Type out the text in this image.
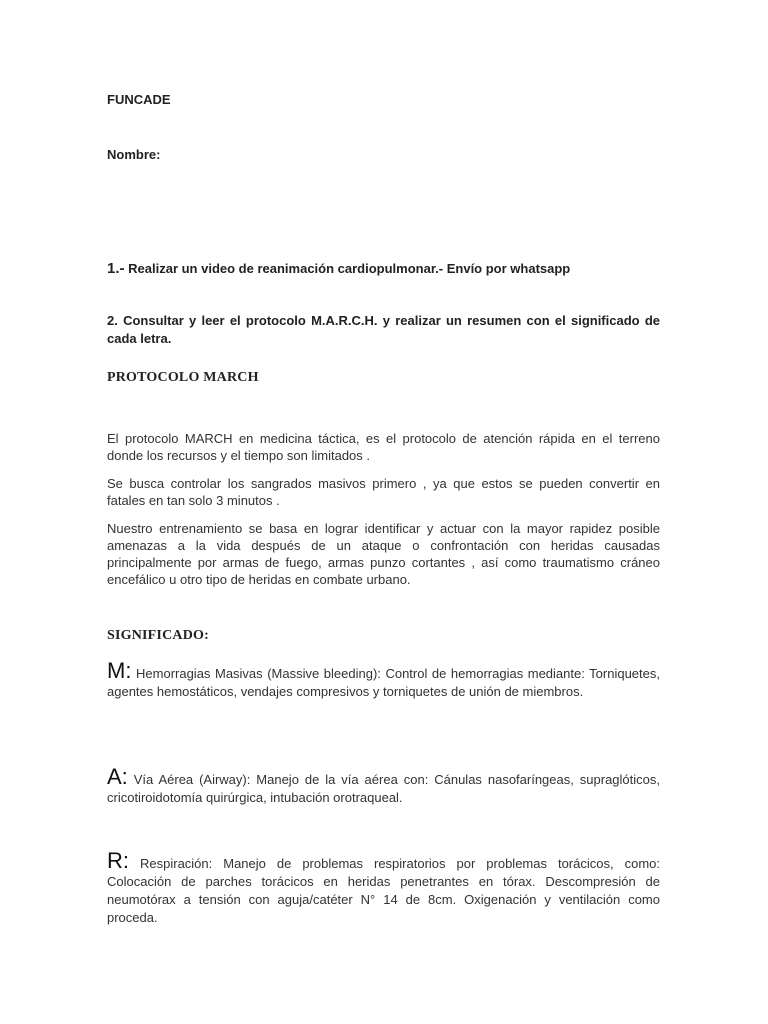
FUNCADE

Nombre:

1.- Realizar un video de reanimación cardiopulmonar.- Envío por whatsapp

2. Consultar y leer el protocolo M.A.R.C.H. y realizar un resumen con el significado de cada letra.

PROTOCOLO MARCH

El protocolo MARCH en medicina táctica, es el protocolo de atención rápida en el terreno donde los recursos y el tiempo son limitados .

Se busca controlar los sangrados masivos primero , ya que estos se pueden convertir en fatales en tan solo 3 minutos .

Nuestro entrenamiento se basa en lograr identificar y actuar con la mayor rapidez posible amenazas a la vida después de un ataque o confrontación con heridas causadas principalmente por armas de fuego, armas punzo cortantes , así como traumatismo cráneo encefálico u otro tipo de heridas en combate urbano.

SIGNIFICADO:

M: Hemorragias Masivas (Massive bleeding): Control de hemorragias mediante: Torniquetes, agentes hemostáticos, vendajes compresivos y torniquetes de unión de miembros.

A: Vía Aérea (Airway): Manejo de la vía aérea con: Cánulas nasofaríngeas, supraglóticos, cricotiroidotomía quirúrgica, intubación orotraqueal.

R: Respiración: Manejo de problemas respiratorios por problemas torácicos, como: Colocación de parches torácicos en heridas penetrantes en tórax. Descompresión de neumotórax a tensión con aguja/catéter N° 14 de 8cm. Oxigenación y ventilación como proceda.
